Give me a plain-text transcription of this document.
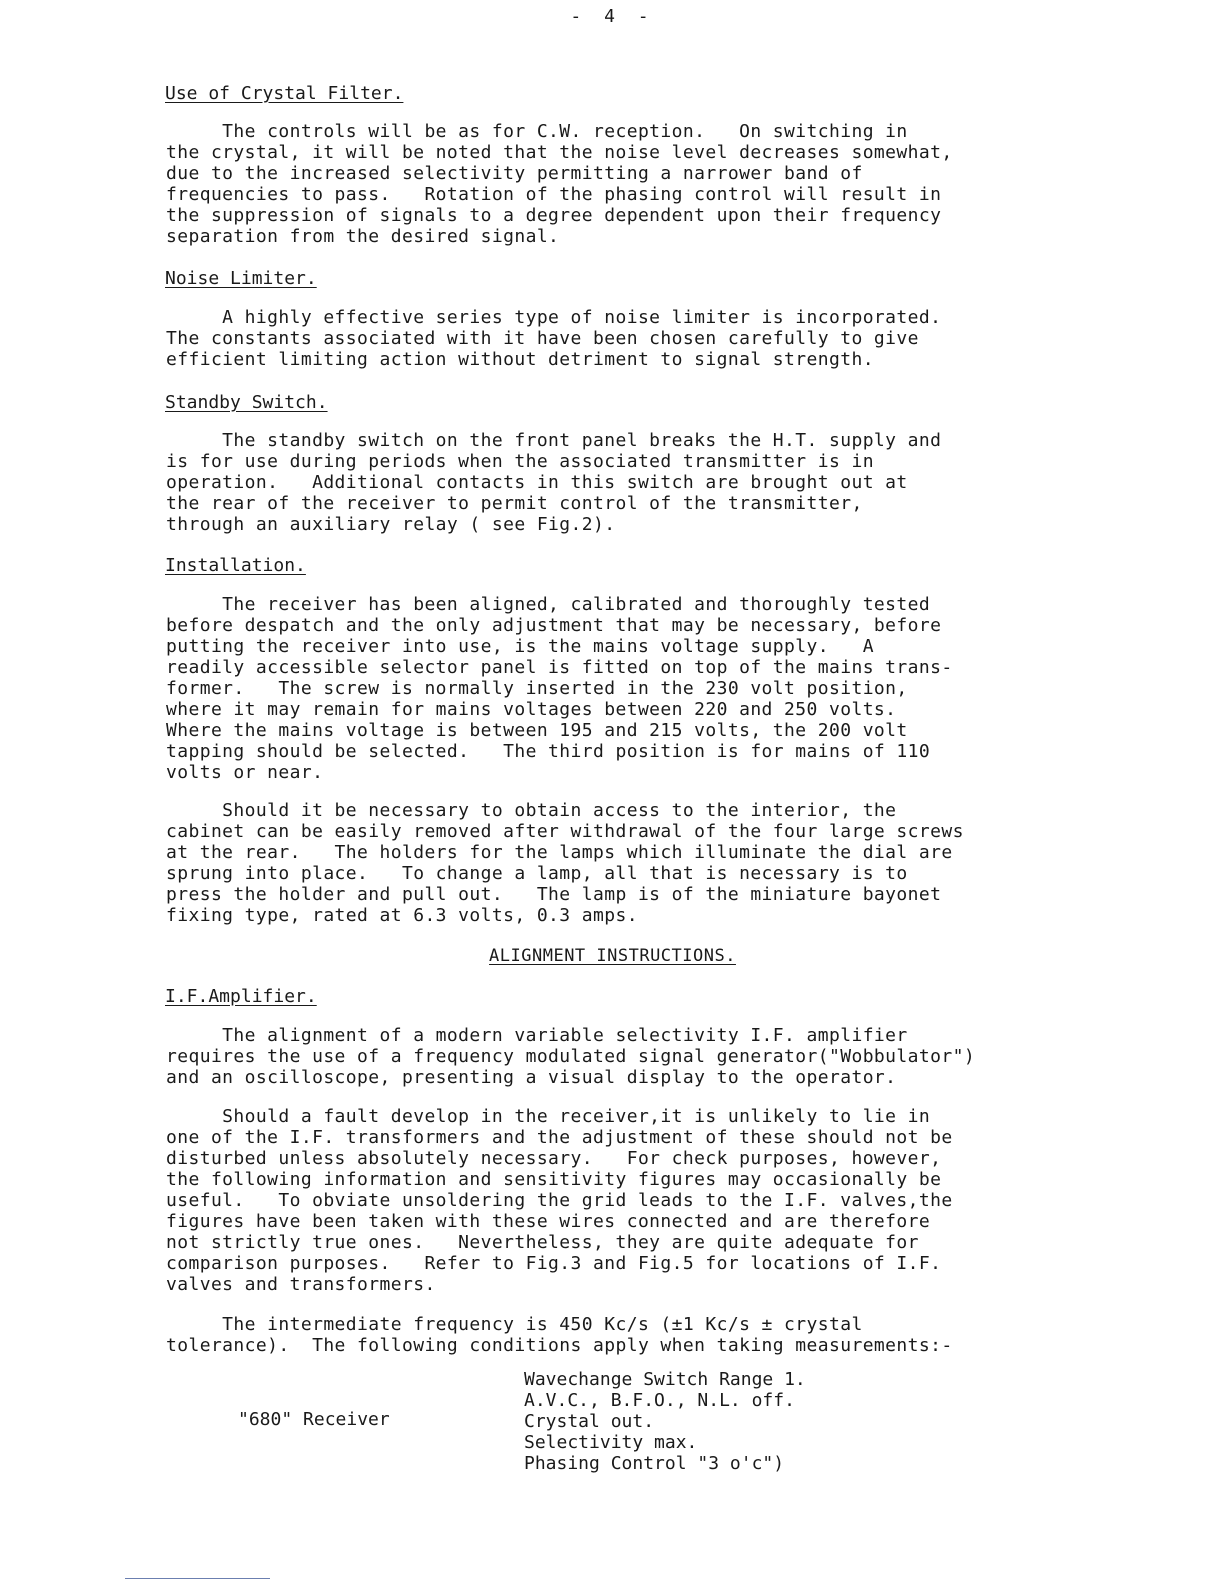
- 4 -
Use of Crystal Filter.
The controls will be as for C.W. reception.   On switching in
the crystal, it will be noted that the noise level decreases somewhat,
due to the increased selectivity permitting a narrower band of
frequencies to pass.   Rotation of the phasing control will result in
the suppression of signals to a degree dependent upon their frequency
separation from the desired signal.
Noise Limiter.
A highly effective series type of noise limiter is incorporated.
The constants associated with it have been chosen carefully to give
efficient limiting action without detriment to signal strength.
Standby Switch.
The standby switch on the front panel breaks the H.T. supply and
is for use during periods when the associated transmitter is in
operation.   Additional contacts in this switch are brought out at
the rear of the receiver to permit control of the transmitter,
through an auxiliary relay ( see Fig.2).
Installation.
The receiver has been aligned, calibrated and thoroughly tested
before despatch and the only adjustment that may be necessary, before
putting the receiver into use, is the mains voltage supply.   A
readily accessible selector panel is fitted on top of the mains trans-
former.   The screw is normally inserted in the 230 volt position,
where it may remain for mains voltages between 220 and 250 volts.
Where the mains voltage is between 195 and 215 volts, the 200 volt
tapping should be selected.   The third position is for mains of 110
volts or near.
Should it be necessary to obtain access to the interior, the
cabinet can be easily removed after withdrawal of the four large screws
at the rear.   The holders for the lamps which illuminate the dial are
sprung into place.   To change a lamp, all that is necessary is to
press the holder and pull out.   The lamp is of the miniature bayonet
fixing type, rated at 6.3 volts, 0.3 amps.
ALIGNMENT INSTRUCTIONS.
I.F.Amplifier.
The alignment of a modern variable selectivity I.F. amplifier
requires the use of a frequency modulated signal generator("Wobbulator")
and an oscilloscope, presenting a visual display to the operator.
Should a fault develop in the receiver,it is unlikely to lie in
one of the I.F. transformers and the adjustment of these should not be
disturbed unless absolutely necessary.   For check purposes, however,
the following information and sensitivity figures may occasionally be
useful.   To obviate unsoldering the grid leads to the I.F. valves,the
figures have been taken with these wires connected and are therefore
not strictly true ones.   Nevertheless, they are quite adequate for
comparison purposes.   Refer to Fig.3 and Fig.5 for locations of I.F.
valves and transformers.
The intermediate frequency is 450 Kc/s (±1 Kc/s ± crystal
tolerance).  The following conditions apply when taking measurements:-
"680" Receiver
Wavechange Switch Range 1.
A.V.C., B.F.O., N.L. off.
Crystal out.
Selectivity max.
Phasing Control "3 o'c")
